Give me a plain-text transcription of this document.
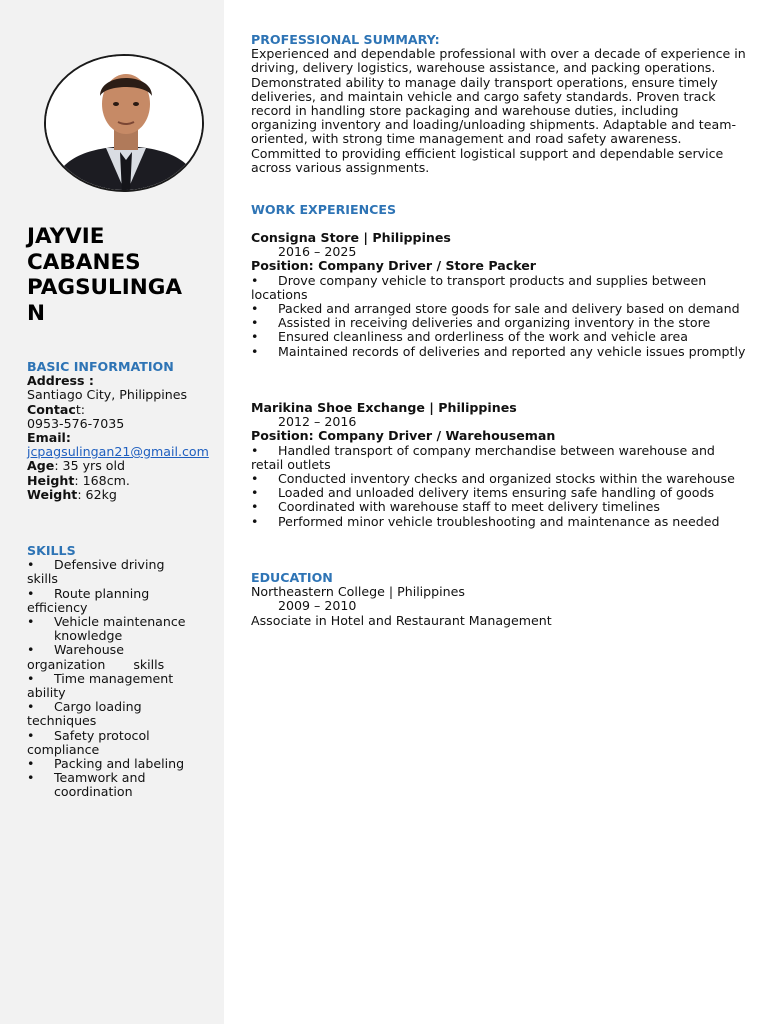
JAYVIE
CABANES
PAGSULINGA
N
BASIC INFORMATION
Address :
Santiago City, Philippines
Contact:
0953-576-7035
Email:
jcpagsulingan21@gmail.com
Age: 35 yrs old
Height: 168cm.
Weight: 62kg
SKILLS
•	Defensive driving
skills
•	Route planning
efficiency
•	Vehicle maintenance
knowledge
•	Warehouse
organization       skills
•	Time management
ability
•	Cargo loading
techniques
•	Safety protocol
compliance
•	Packing and labeling
•	Teamwork and
coordination
PROFESSIONAL SUMMARY:
Experienced and dependable professional with over a decade of experience in driving, delivery logistics, warehouse assistance, and packing operations. Demonstrated ability to manage daily transport operations, ensure timely deliveries, and maintain vehicle and cargo safety standards. Proven track record in handling store packaging and warehouse duties, including organizing inventory and loading/unloading shipments. Adaptable and team-oriented, with strong time management and road safety awareness. Committed to providing efficient logistical support and dependable service across various assignments.
WORK EXPERIENCES
Consigna Store | Philippines
2016 – 2025
Position: Company Driver / Store Packer
• Drove company vehicle to transport products and supplies between locations
• Packed and arranged store goods for sale and delivery based on demand
• Assisted in receiving deliveries and organizing inventory in the store
• Ensured cleanliness and orderliness of the work and vehicle area
• Maintained records of deliveries and reported any vehicle issues promptly
Marikina Shoe Exchange | Philippines
2012 – 2016
Position: Company Driver / Warehouseman
• Handled transport of company merchandise between warehouse and retail outlets
• Conducted inventory checks and organized stocks within the warehouse
• Loaded and unloaded delivery items ensuring safe handling of goods
• Coordinated with warehouse staff to meet delivery timelines
• Performed minor vehicle troubleshooting and maintenance as needed
EDUCATION
Northeastern College | Philippines
2009 – 2010
Associate in Hotel and Restaurant Management
